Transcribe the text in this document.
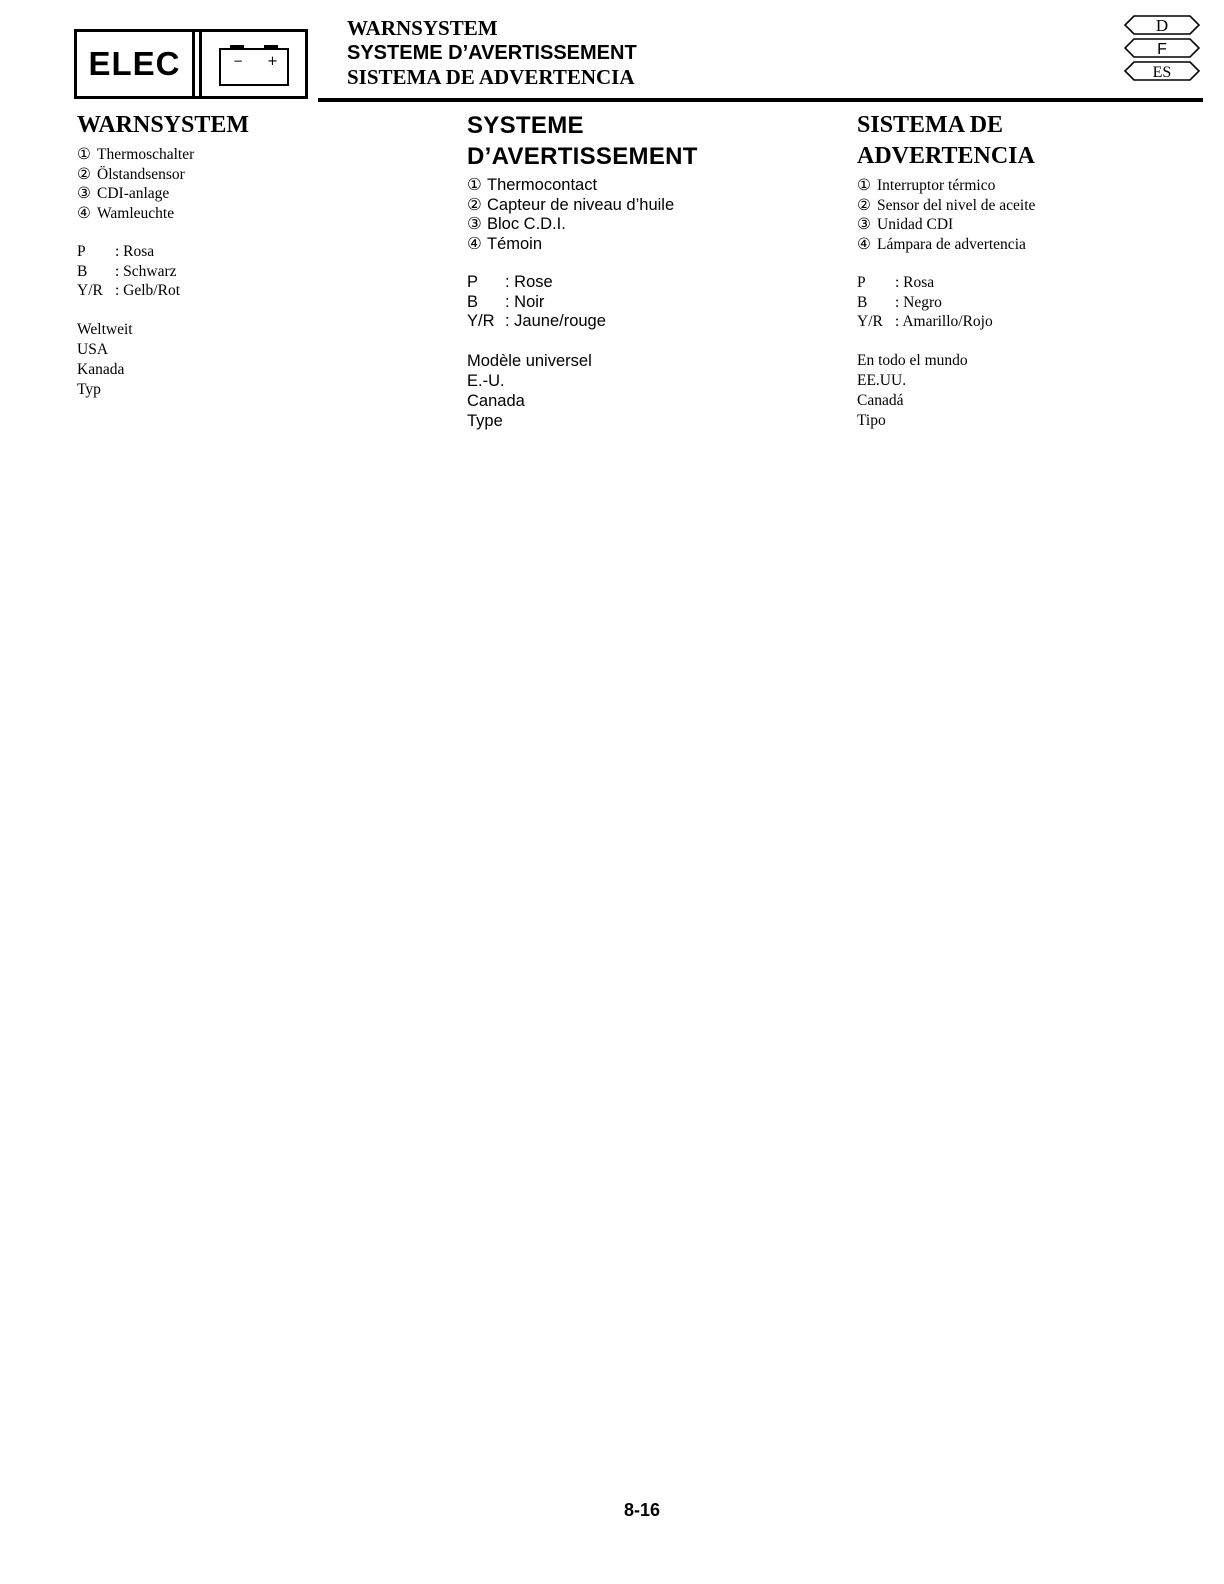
ELEC	− +
WARNSYSTEM
SYSTEME D’AVERTISSEMENT
SISTEMA DE ADVERTENCIA
D
F
ES
WARNSYSTEM
① Thermoschalter
② Ölstandsensor
③ CDI-anlage
④ Wamleuchte
P	: Rosa
B	: Schwarz
Y/R : Gelb/Rot
Weltweit
USA
Kanada
Typ
SYSTEME
D’AVERTISSEMENT
① Thermocontact
② Capteur de niveau d’huile
③ Bloc C.D.I.
④ Témoin
P	: Rose
B	: Noir
Y/R : Jaune/rouge
Modèle universel
E.-U.
Canada
Type
SISTEMA DE
ADVERTENCIA
① Interruptor térmico
② Sensor del nivel de aceite
③ Unidad CDI
④ Lámpara de advertencia
P	: Rosa
B	: Negro
Y/R : Amarillo/Rojo
En todo el mundo
EE.UU.
Canadá
Tipo
8-16
